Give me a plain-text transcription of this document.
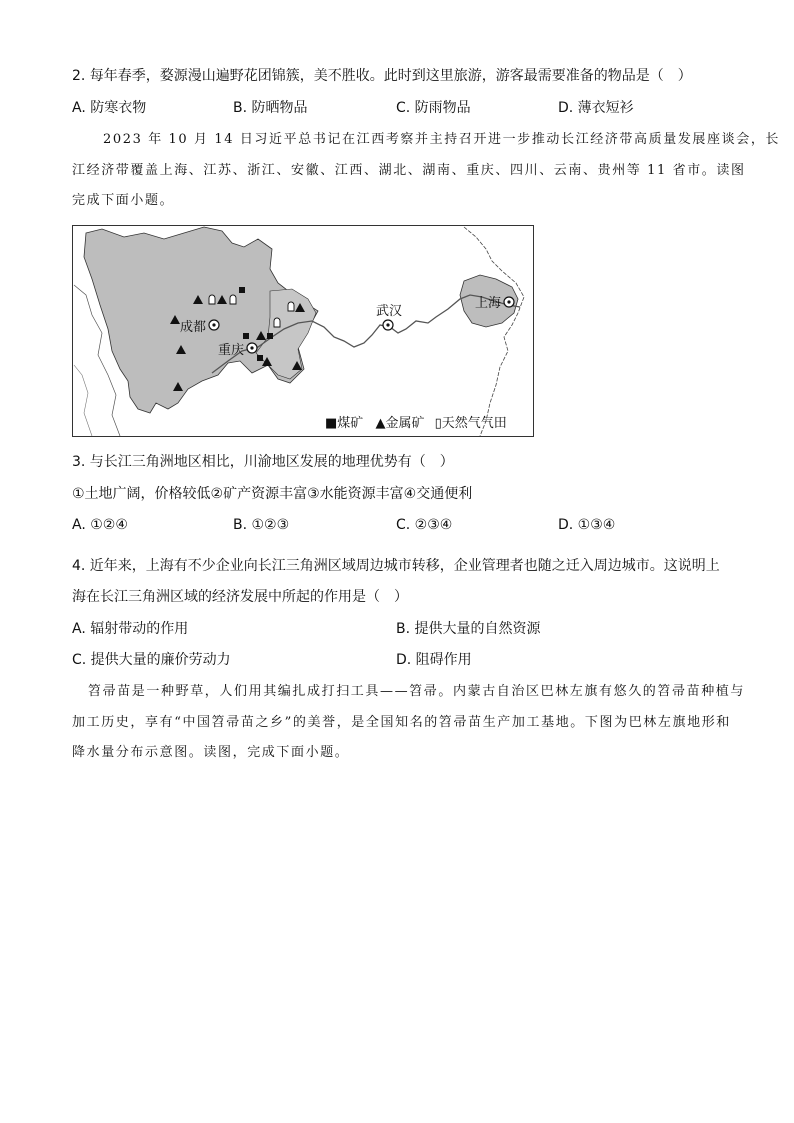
2. 每年春季，婺源漫山遍野花团锦簇，美不胜收。此时到这里旅游，游客最需要准备的物品是（　）
A. 防寒衣物	B. 防晒物品	C. 防雨物品	D. 薄衣短衫
2023 年 10 月 14 日习近平总书记在江西考察并主持召开进一步推动长江经济带高质量发展座谈会，长
江经济带覆盖上海、江苏、浙江、安徽、江西、湖北、湖南、重庆、四川、云南、贵州等 11 省市。读图
完成下面小题。
成都
重庆
武汉
上海
■煤矿 ▲金属矿 ▯天然气气田
3. 与长江三角洲地区相比，川渝地区发展的地理优势有（　）
①土地广阔，价格较低②矿产资源丰富③水能资源丰富④交通便利
A. ①②④	B. ①②③	C. ②③④	D. ①③④
4. 近年来，上海有不少企业向长江三角洲区域周边城市转移，企业管理者也随之迁入周边城市。这说明上
海在长江三角洲区域的经济发展中所起的作用是（　）
A. 辐射带动的作用	B. 提供大量的自然资源
C. 提供大量的廉价劳动力	D. 阻碍作用
笤帚苗是一种野草，人们用其编扎成打扫工具——笤帚。内蒙古自治区巴林左旗有悠久的笤帚苗种植与
加工历史，享有“中国笤帚苗之乡”的美誉，是全国知名的笤帚苗生产加工基地。下图为巴林左旗地形和
降水量分布示意图。读图，完成下面小题。
